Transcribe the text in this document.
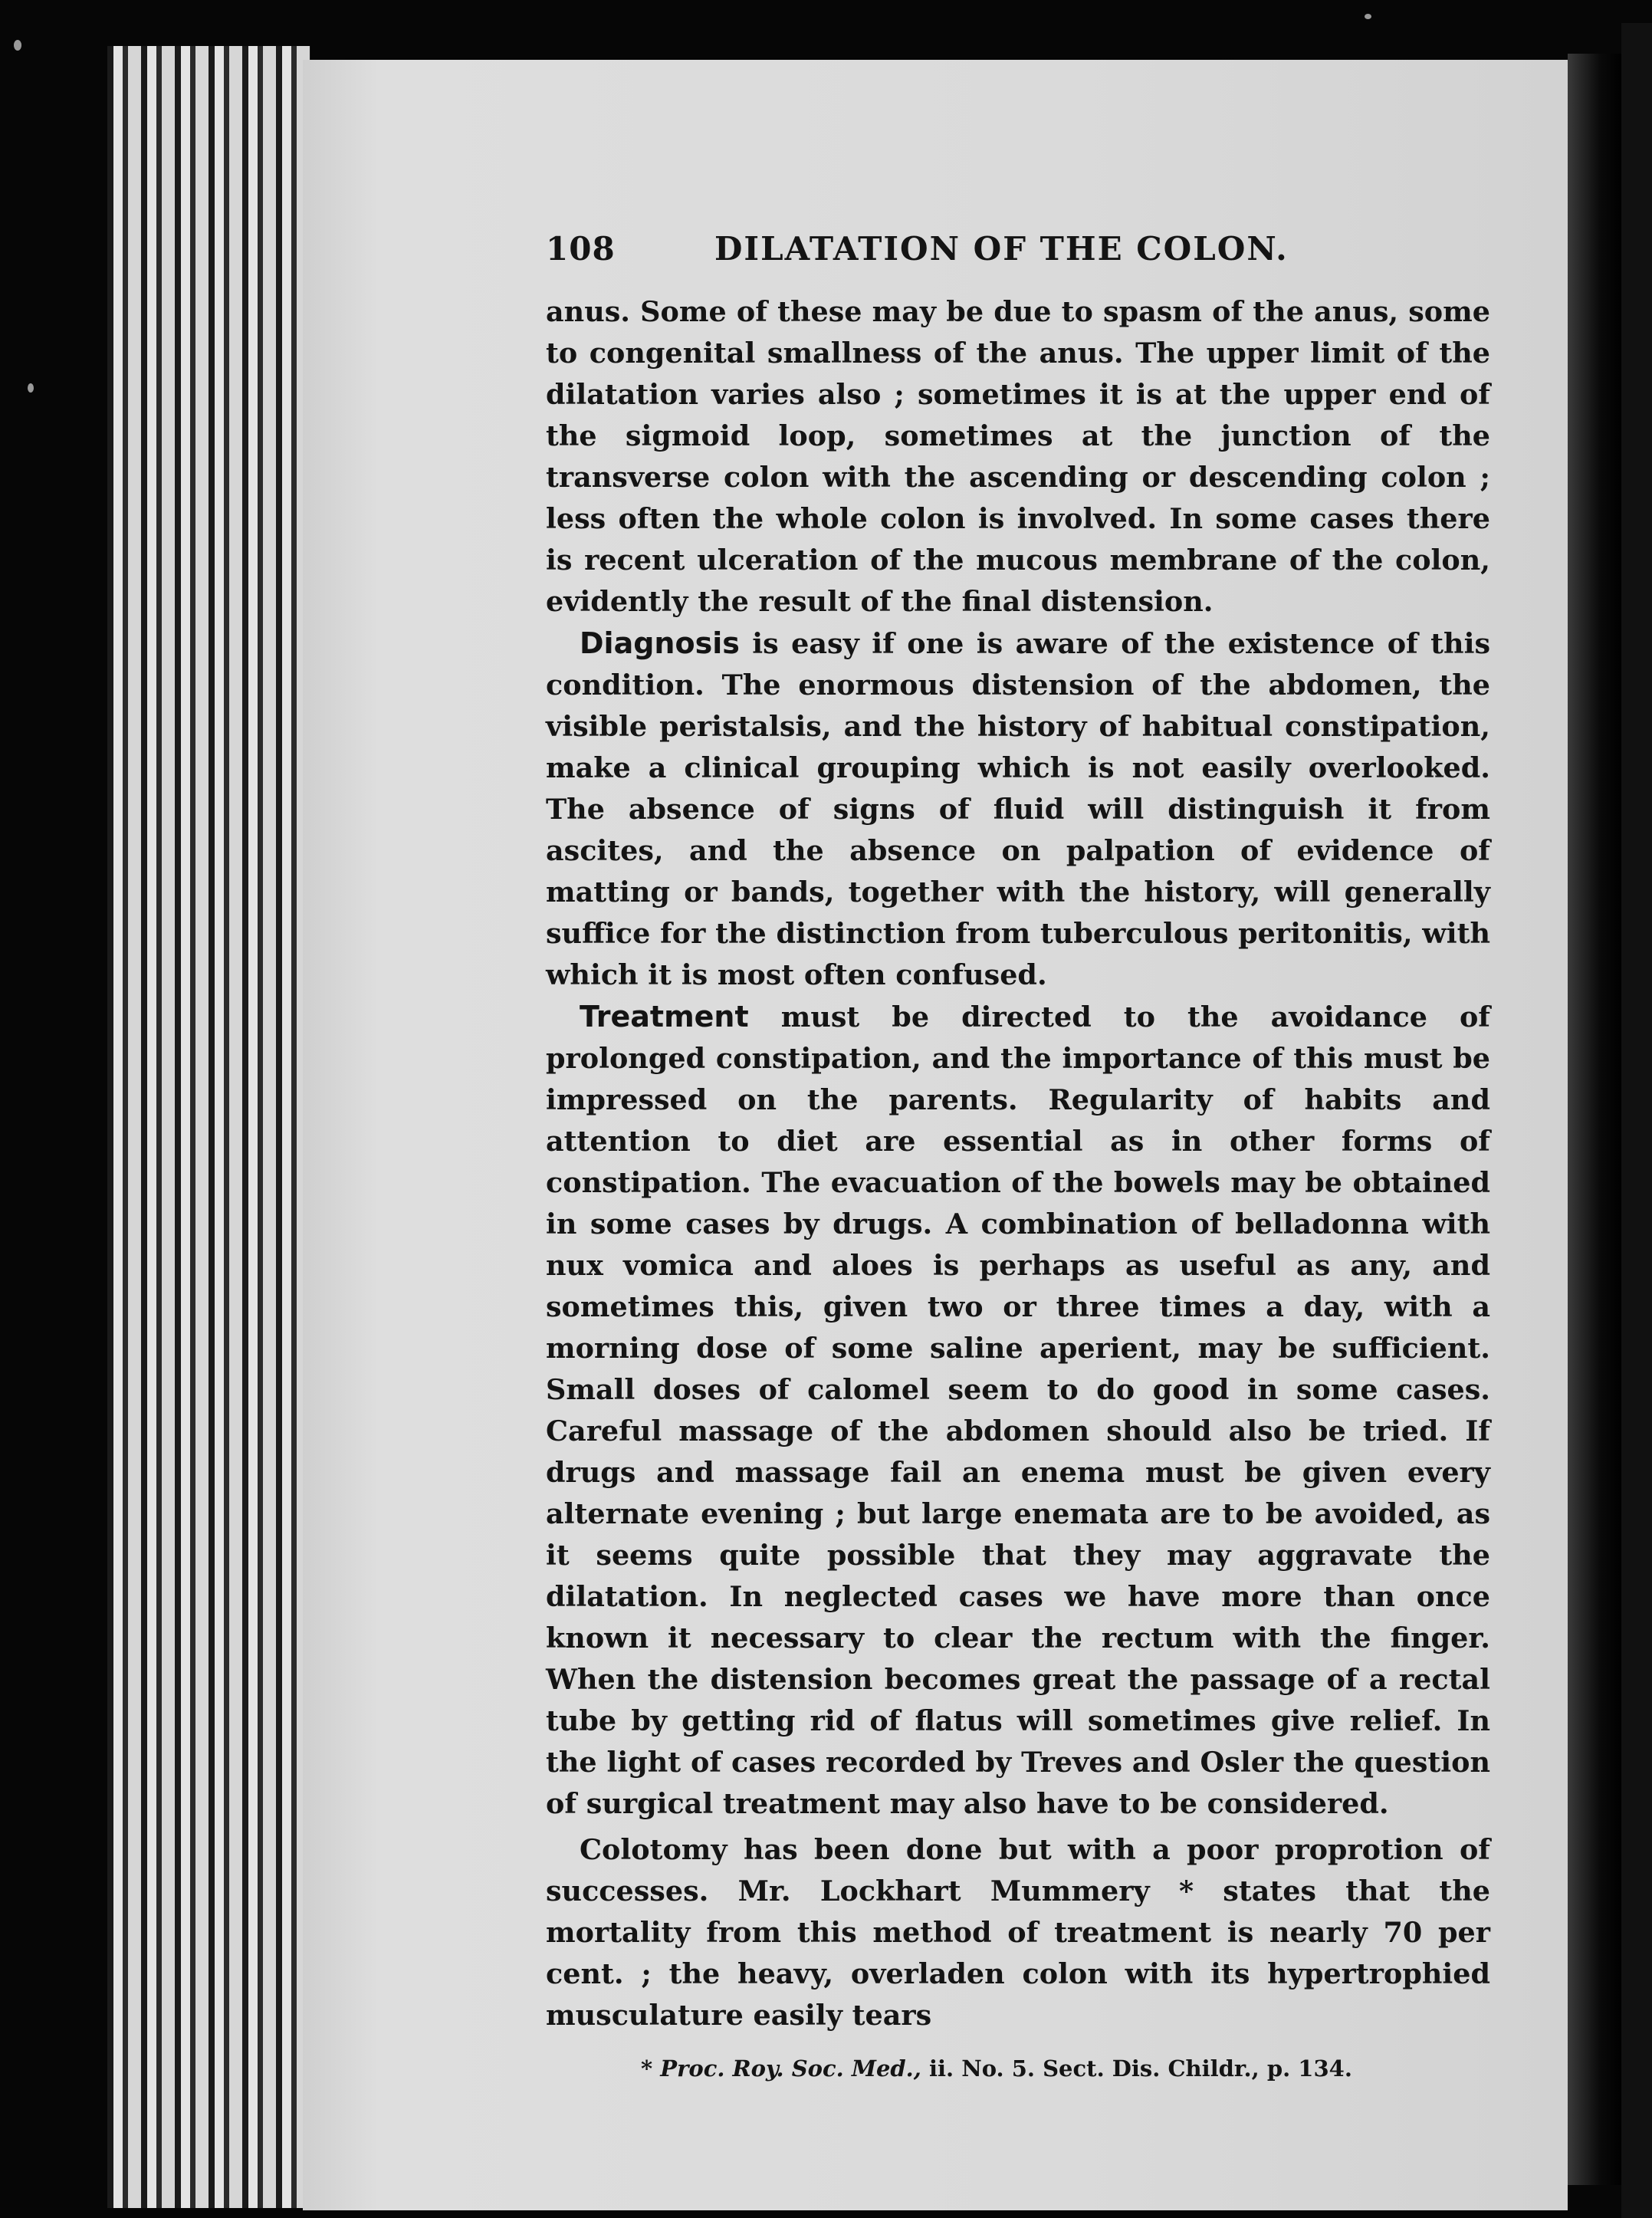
108	DILATATION OF THE COLON.

anus. Some of these may be due to spasm of the anus, some to congenital smallness of the anus. The upper limit of the dilatation varies also ; sometimes it is at the upper end of the sigmoid loop, sometimes at the junction of the transverse colon with the ascending or descending colon ; less often the whole colon is involved. In some cases there is recent ulceration of the mucous membrane of the colon, evidently the result of the final distension.

Diagnosis is easy if one is aware of the existence of this condition. The enormous distension of the abdomen, the visible peristalsis, and the history of habitual constipation, make a clinical grouping which is not easily overlooked. The absence of signs of fluid will distinguish it from ascites, and the absence on palpation of evidence of matting or bands, together with the history, will generally suffice for the distinction from tuberculous peritonitis, with which it is most often confused.

Treatment must be directed to the avoidance of prolonged constipation, and the importance of this must be impressed on the parents. Regularity of habits and attention to diet are essential as in other forms of constipation. The evacuation of the bowels may be obtained in some cases by drugs. A combination of belladonna with nux vomica and aloes is perhaps as useful as any, and sometimes this, given two or three times a day, with a morning dose of some saline aperient, may be sufficient. Small doses of calomel seem to do good in some cases. Careful massage of the abdomen should also be tried. If drugs and massage fail an enema must be given every alternate evening ; but large enemata are to be avoided, as it seems quite possible that they may aggravate the dilatation. In neglected cases we have more than once known it necessary to clear the rectum with the finger. When the distension becomes great the passage of a rectal tube by getting rid of flatus will sometimes give relief. In the light of cases recorded by Treves and Osler the question of surgical treatment may also have to be considered.

Colotomy has been done but with a poor proprotion of successes. Mr. Lockhart Mummery * states that the mortality from this method of treatment is nearly 70 per cent. ; the heavy, overladen colon with its hypertrophied musculature easily tears

* Proc. Roy. Soc. Med., ii. No. 5. Sect. Dis. Childr., p. 134.
